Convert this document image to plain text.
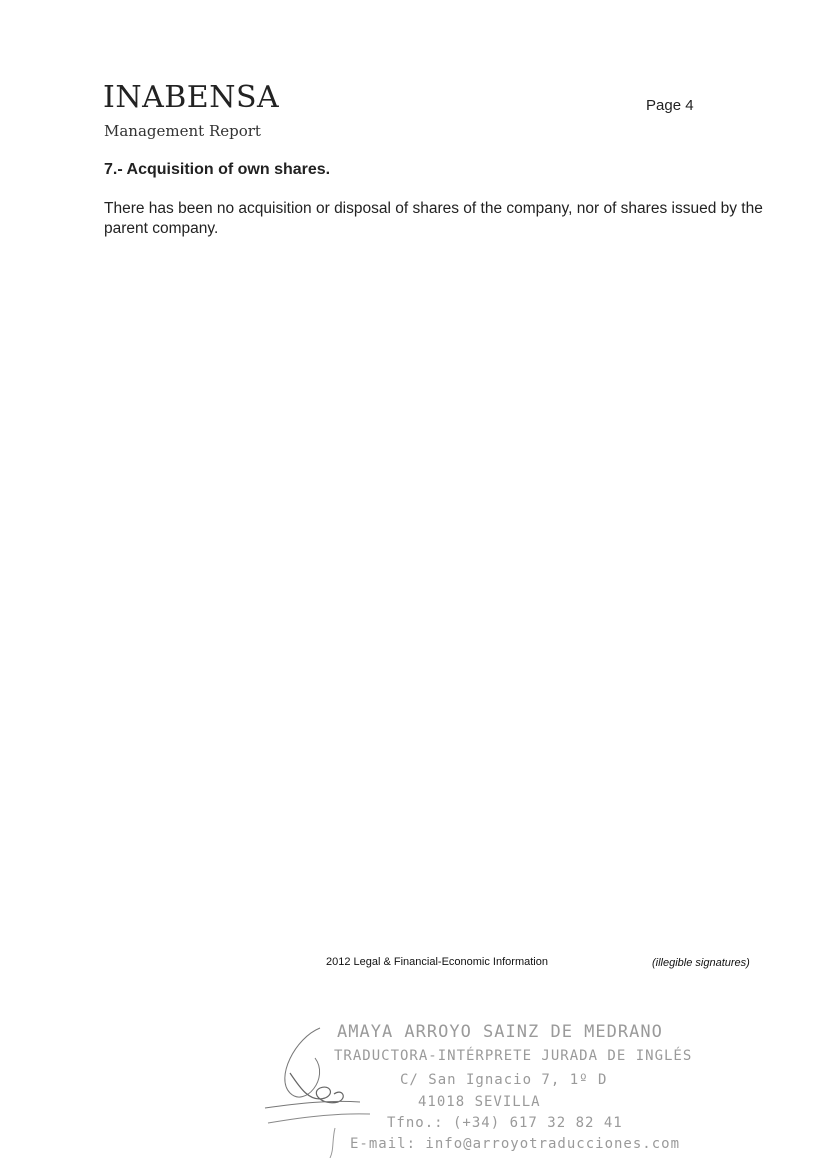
INABENSA
Management Report
Page 4
7.- Acquisition of own shares.
There has been no acquisition or disposal of shares of the company, nor of shares issued by the parent company.
2012 Legal & Financial-Economic Information	(illegible signatures)
AMAYA ARROYO SAINZ DE MEDRANO
TRADUCTORA-INTÉRPRETE JURADA DE INGLÉS
C/ San Ignacio 7, 1º D
41018 SEVILLA
Tfno.: (+34) 617 32 82 41
E-mail: info@arroyotraducciones.com
